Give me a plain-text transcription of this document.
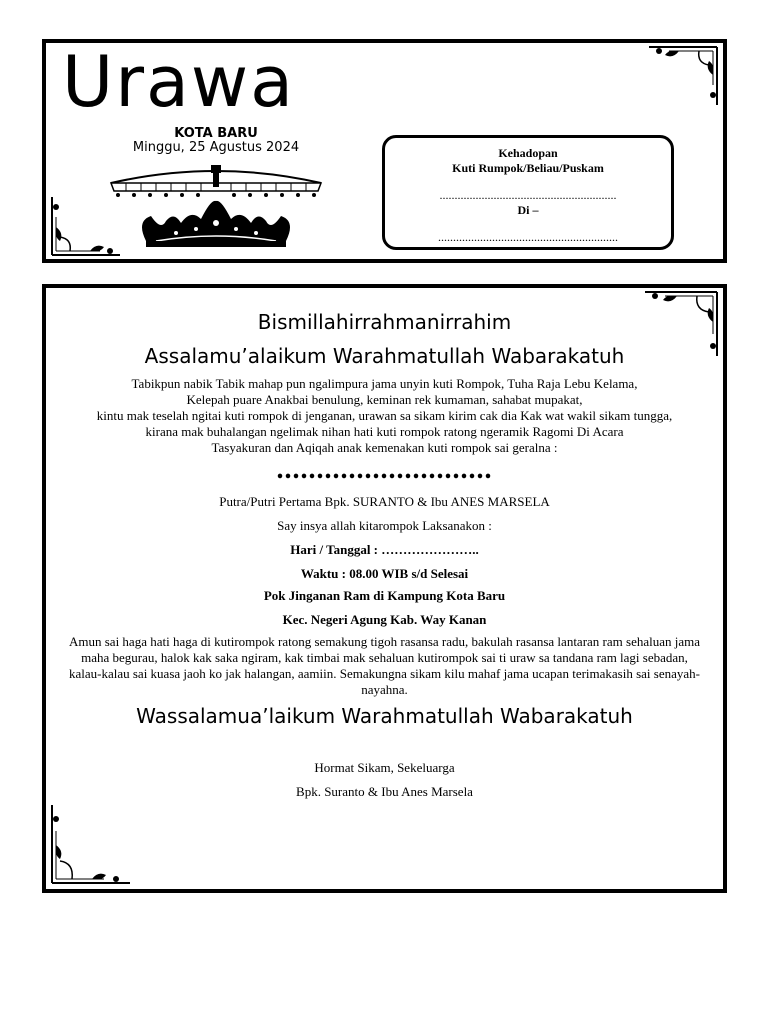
Urawa
KOTA BARU
Minggu, 25 Agustus 2024	Kehadopan
Kuti Rumpok/Beliau/Puskam
...........................................................
Di –
............................................................
Bismillahirrahmanirrahim
Assalamu’alaikum Warahmatullah Wabarakatuh
Tabikpun nabik Tabik mahap pun ngalimpura jama unyin kuti Rompok, Tuha Raja Lebu Kelama,
Kelepah puare Anakbai benulung, keminan rek kumaman, sahabat mupakat,
kintu mak teselah ngitai kuti rompok di jenganan, urawan sa sikam kirim cak dia Kak wat wakil sikam tungga,
kirana mak buhalangan ngelimak nihan hati kuti rompok ratong ngeramik Ragomi Di Acara
Tasyakuran dan Aqiqah anak kemenakan kuti rompok sai geralna :
...........................
Putra/Putri Pertama Bpk. SURANTO & Ibu ANES MARSELA
Say insya allah kitarompok Laksanakon :
Hari / Tanggal : …………………..
Waktu : 08.00 WIB s/d Selesai
Pok Jinganan Ram di Kampung Kota Baru
Kec. Negeri Agung Kab. Way Kanan
Amun sai haga hati haga di kutirompok ratong semakung tigoh rasansa radu, bakulah rasansa lantaran ram sehaluan jama maha begurau, halok kak saka ngiram, kak timbai mak sehaluan kutirompok sai ti uraw sa tandana ram lagi sebadan, kalau-kalau sai kuasa jaoh ko jak halangan, aamiin. Semakungna sikam kilu mahaf jama ucapan terimakasih sai senayah-nayahna.
Wassalamua’laikum Warahmatullah Wabarakatuh
Hormat Sikam, Sekeluarga
Bpk. Suranto & Ibu Anes Marsela
